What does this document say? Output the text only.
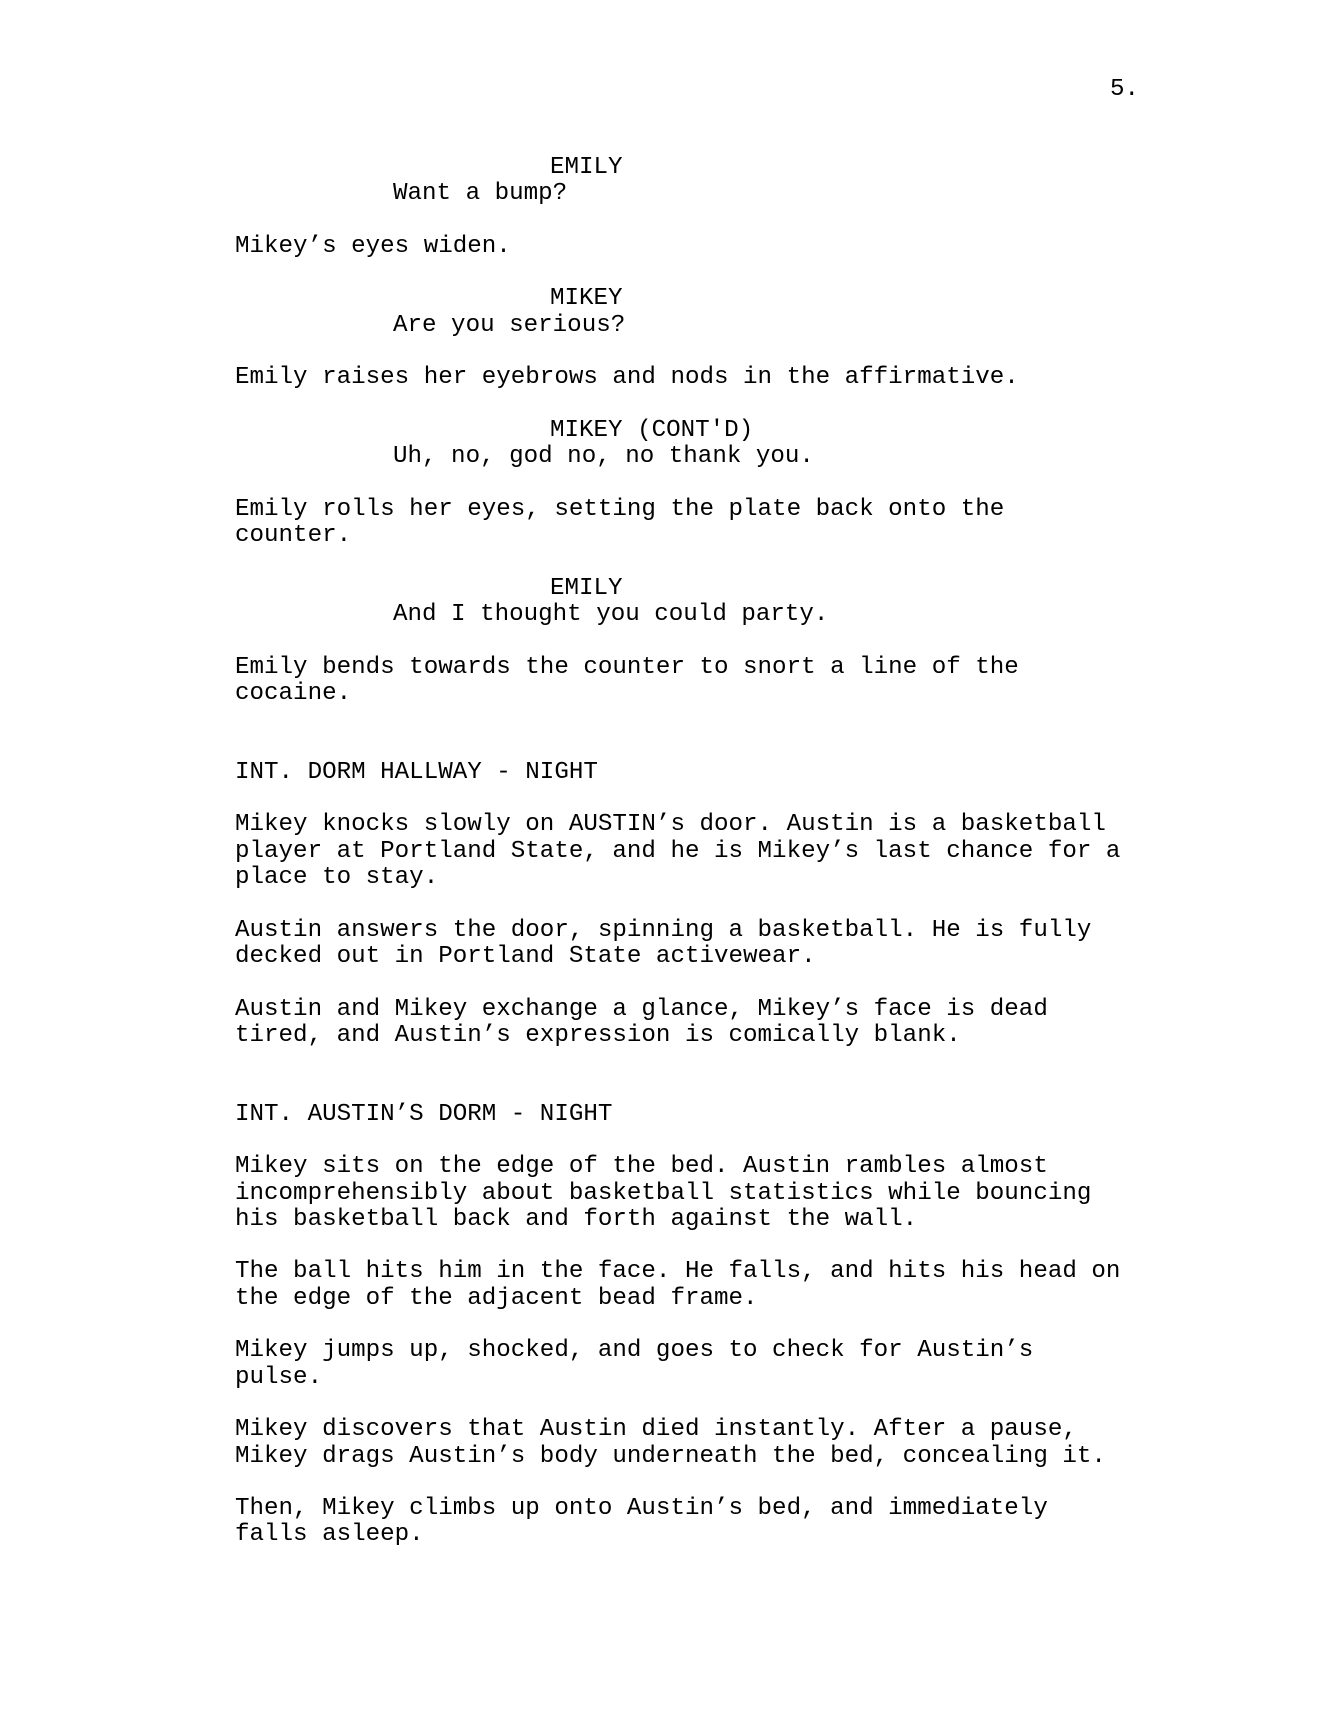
5.
EMILY
Want a bump?
Mikey’s eyes widen.
MIKEY
Are you serious?
Emily raises her eyebrows and nods in the affirmative.
MIKEY (CONT'D)
Uh, no, god no, no thank you.
Emily rolls her eyes, setting the plate back onto the
counter.
EMILY
And I thought you could party.
Emily bends towards the counter to snort a line of the
cocaine.
INT. DORM HALLWAY - NIGHT
Mikey knocks slowly on AUSTIN’s door. Austin is a basketball
player at Portland State, and he is Mikey’s last chance for a
place to stay.
Austin answers the door, spinning a basketball. He is fully
decked out in Portland State activewear.
Austin and Mikey exchange a glance, Mikey’s face is dead
tired, and Austin’s expression is comically blank.
INT. AUSTIN’S DORM - NIGHT
Mikey sits on the edge of the bed. Austin rambles almost
incomprehensibly about basketball statistics while bouncing
his basketball back and forth against the wall.
The ball hits him in the face. He falls, and hits his head on
the edge of the adjacent bead frame.
Mikey jumps up, shocked, and goes to check for Austin’s
pulse.
Mikey discovers that Austin died instantly. After a pause,
Mikey drags Austin’s body underneath the bed, concealing it.
Then, Mikey climbs up onto Austin’s bed, and immediately
falls asleep.
